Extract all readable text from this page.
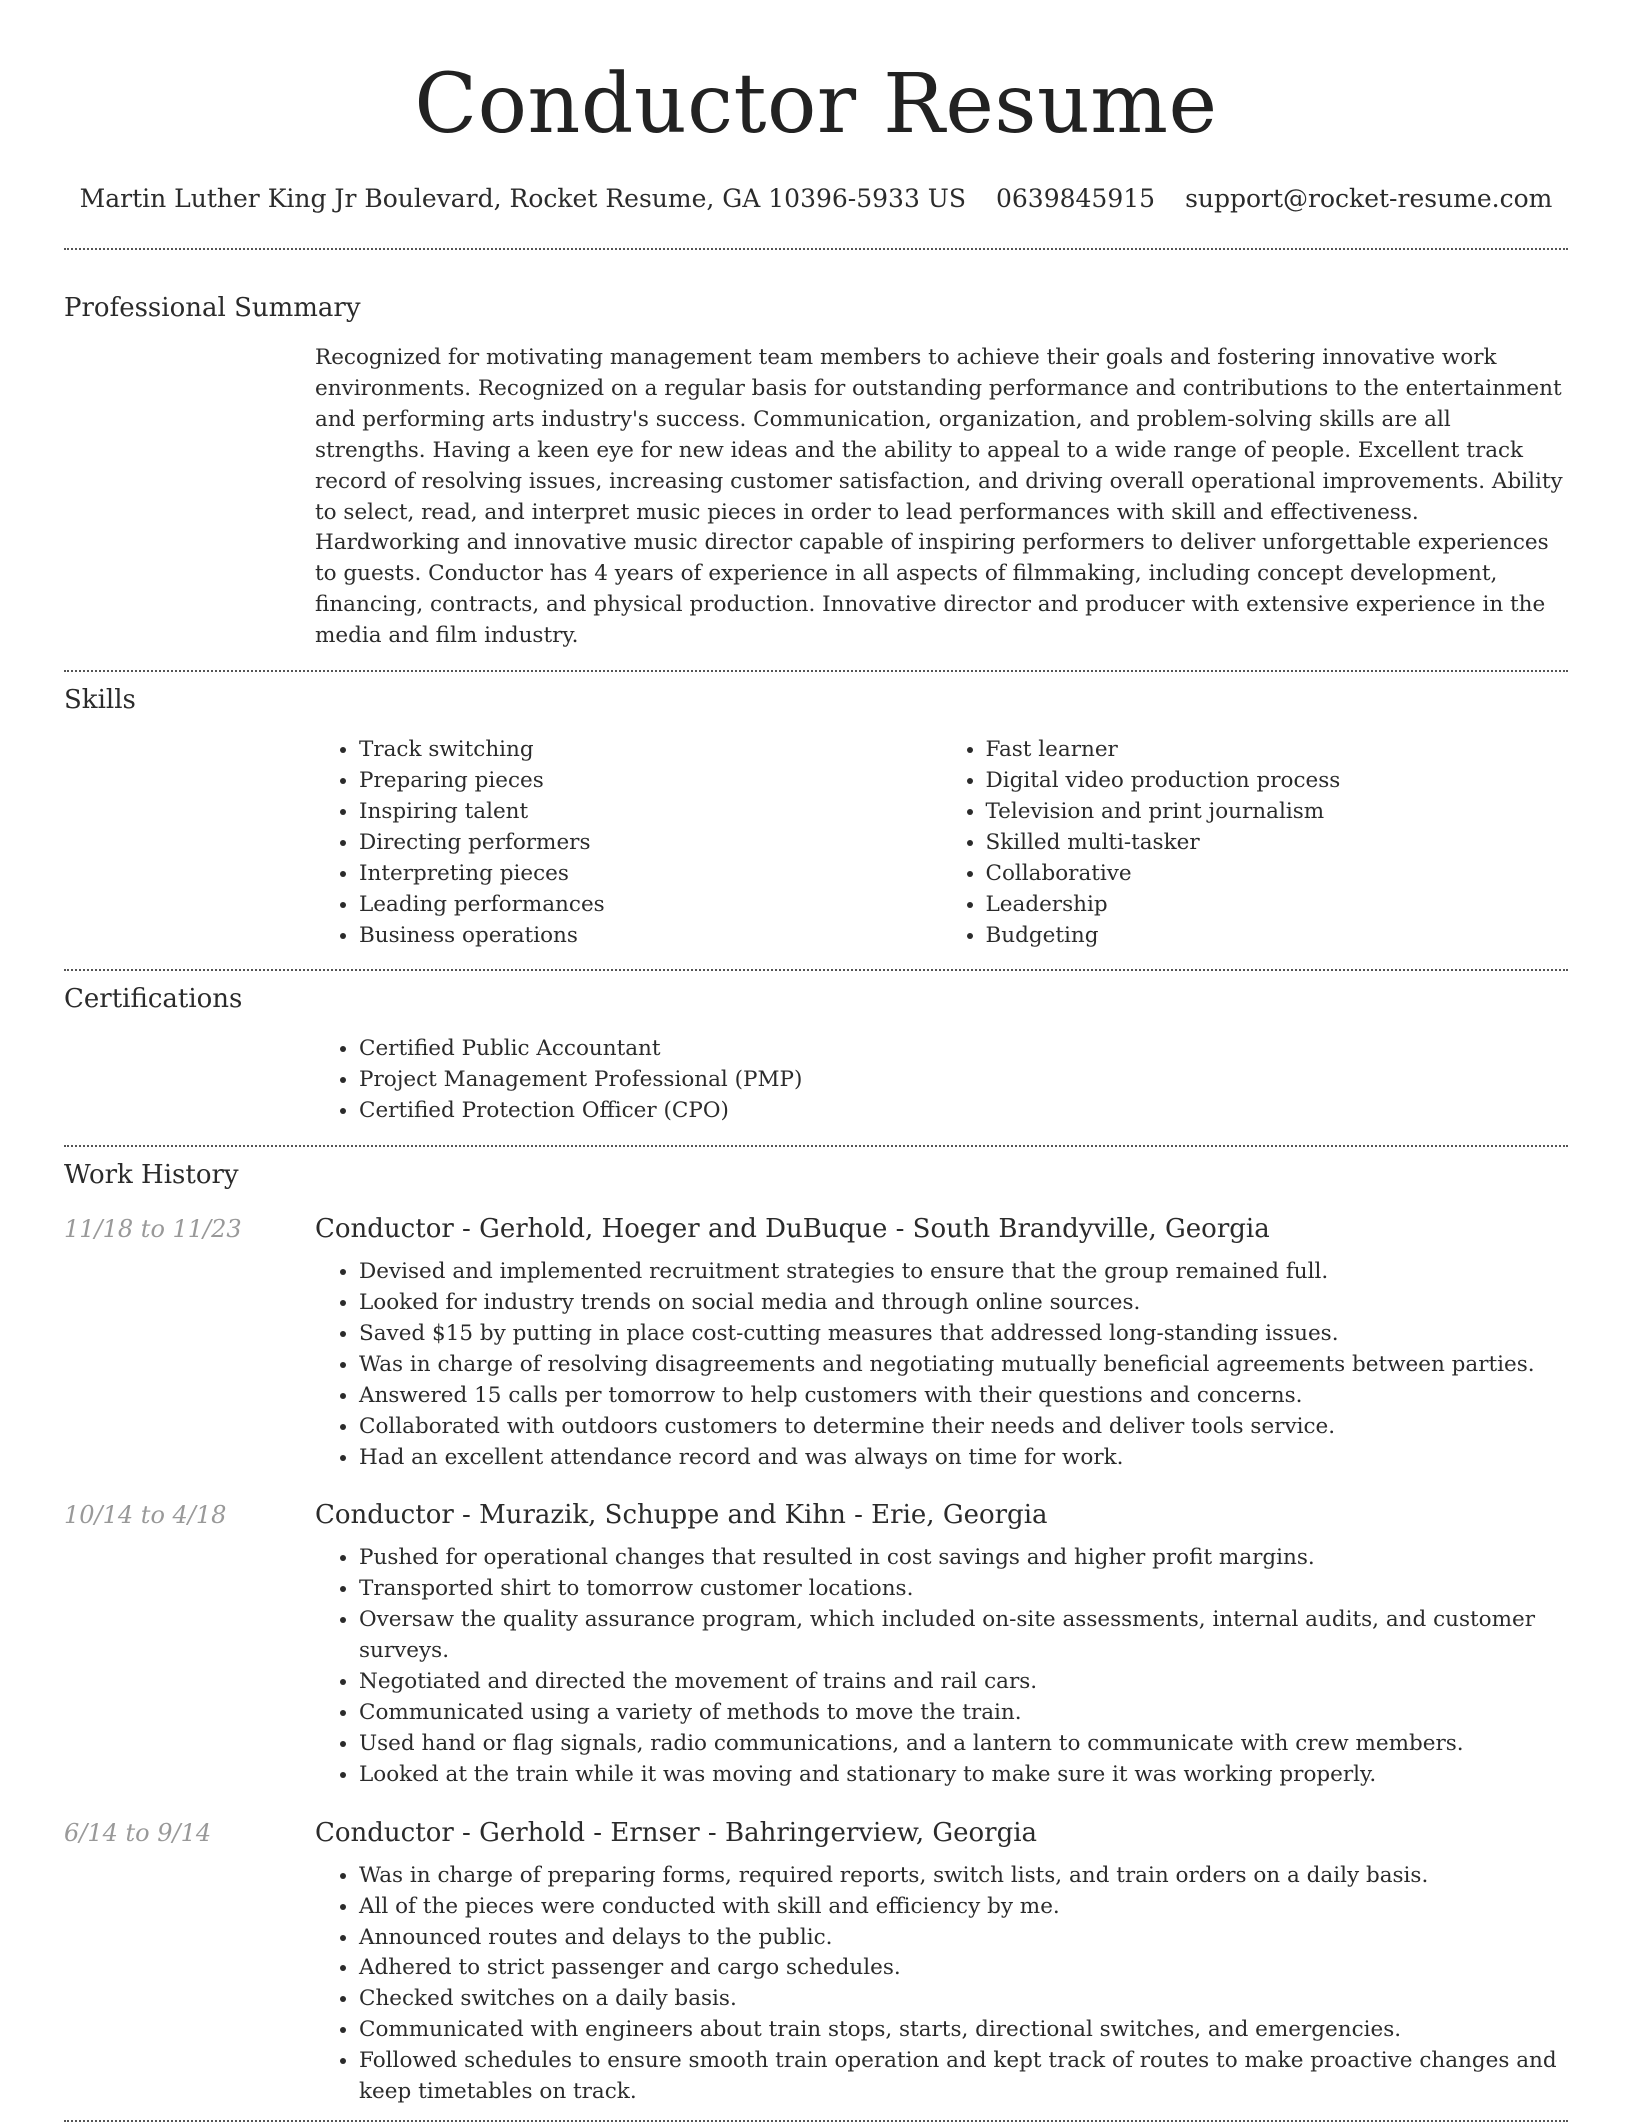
Conductor Resume
Martin Luther King Jr Boulevard, Rocket Resume, GA 10396-5933 US 0639845915 support@rocket-resume.com
Professional Summary

Recognized for motivating management team members to achieve their goals and fostering innovative work environments. Recognized on a regular basis for outstanding performance and contributions to the entertainment and performing arts industry's success. Communication, organization, and problem-solving skills are all strengths. Having a keen eye for new ideas and the ability to appeal to a wide range of people. Excellent track record of resolving issues, increasing customer satisfaction, and driving overall operational improvements. Ability to select, read, and interpret music pieces in order to lead performances with skill and effectiveness. Hardworking and innovative music director capable of inspiring performers to deliver unforgettable experiences to guests. Conductor has 4 years of experience in all aspects of filmmaking, including concept development, financing, contracts, and physical production. Innovative director and producer with extensive experience in the media and film industry.

Skills
• Track switching
• Preparing pieces
• Inspiring talent
• Directing performers
• Interpreting pieces
• Leading performances
• Business operations
• Fast learner
• Digital video production process
• Television and print journalism
• Skilled multi-tasker
• Collaborative
• Leadership
• Budgeting
Certifications
• Certified Public Accountant
• Project Management Professional (PMP)
• Certified Protection Officer (CPO)
Work History
11/18 to 11/23	Conductor - Gerhold, Hoeger and DuBuque - South Brandyville, Georgia
• Devised and implemented recruitment strategies to ensure that the group remained full.
• Looked for industry trends on social media and through online sources.
• Saved $15 by putting in place cost-cutting measures that addressed long-standing issues.
• Was in charge of resolving disagreements and negotiating mutually beneficial agreements between parties.
• Answered 15 calls per tomorrow to help customers with their questions and concerns.
• Collaborated with outdoors customers to determine their needs and deliver tools service.
• Had an excellent attendance record and was always on time for work.
10/14 to 4/18	Conductor - Murazik, Schuppe and Kihn - Erie, Georgia
• Pushed for operational changes that resulted in cost savings and higher profit margins.
• Transported shirt to tomorrow customer locations.
• Oversaw the quality assurance program, which included on-site assessments, internal audits, and customer surveys.
• Negotiated and directed the movement of trains and rail cars.
• Communicated using a variety of methods to move the train.
• Used hand or flag signals, radio communications, and a lantern to communicate with crew members.
• Looked at the train while it was moving and stationary to make sure it was working properly.
6/14 to 9/14	Conductor - Gerhold - Ernser - Bahringerview, Georgia
• Was in charge of preparing forms, required reports, switch lists, and train orders on a daily basis.
• All of the pieces were conducted with skill and efficiency by me.
• Announced routes and delays to the public.
• Adhered to strict passenger and cargo schedules.
• Checked switches on a daily basis.
• Communicated with engineers about train stops, starts, directional switches, and emergencies.
• Followed schedules to ensure smooth train operation and kept track of routes to make proactive changes and keep timetables on track.
